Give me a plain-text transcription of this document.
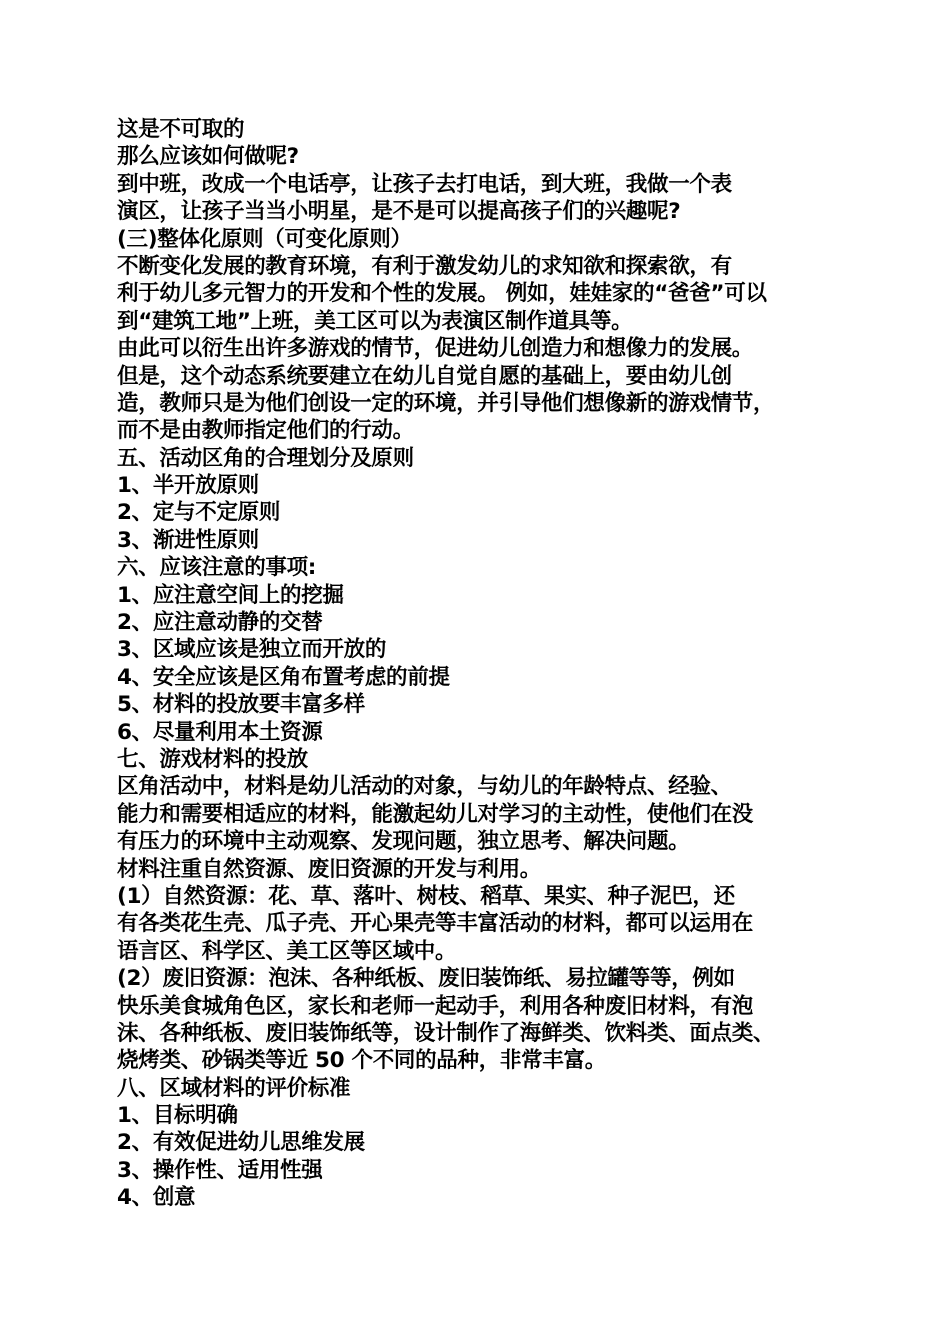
这是不可取的
那么应该如何做呢?
到中班，改成一个电话亭，让孩子去打电话，到大班，我做一个表
演区，让孩子当当小明星，是不是可以提高孩子们的兴趣呢?
(三)整体化原则（可变化原则）
不断变化发展的教育环境，有利于激发幼儿的求知欲和探索欲，有
利于幼儿多元智力的开发和个性的发展。 例如，娃娃家的“爸爸”可以
到“建筑工地”上班，美工区可以为表演区制作道具等。
由此可以衍生出许多游戏的情节，促进幼儿创造力和想像力的发展。
但是，这个动态系统要建立在幼儿自觉自愿的基础上，要由幼儿创
造，教师只是为他们创设一定的环境，并引导他们想像新的游戏情节，
而不是由教师指定他们的行动。
五、活动区角的合理划分及原则
1、半开放原则
2、定与不定原则
3、渐进性原则
六、应该注意的事项:
1、应注意空间上的挖掘
2、应注意动静的交替
3、区域应该是独立而开放的
4、安全应该是区角布置考虑的前提
5、材料的投放要丰富多样
6、尽量利用本土资源
七、游戏材料的投放
区角活动中，材料是幼儿活动的对象，与幼儿的年龄特点、经验、
能力和需要相适应的材料，能激起幼儿对学习的主动性，使他们在没
有压力的环境中主动观察、发现问题，独立思考、解决问题。
材料注重自然资源、废旧资源的开发与利用。
(1）自然资源：花、草、落叶、树枝、稻草、果实、种子泥巴，还
有各类花生壳、瓜子壳、开心果壳等丰富活动的材料，都可以运用在
语言区、科学区、美工区等区域中。
(2）废旧资源：泡沫、各种纸板、废旧装饰纸、易拉罐等等，例如
快乐美食城角色区，家长和老师一起动手，利用各种废旧材料，有泡
沫、各种纸板、废旧装饰纸等，设计制作了海鲜类、饮料类、面点类、
烧烤类、砂锅类等近 50 个不同的品种，非常丰富。
八、区域材料的评价标准
1、目标明确
2、有效促进幼儿思维发展
3、操作性、适用性强
4、创意
